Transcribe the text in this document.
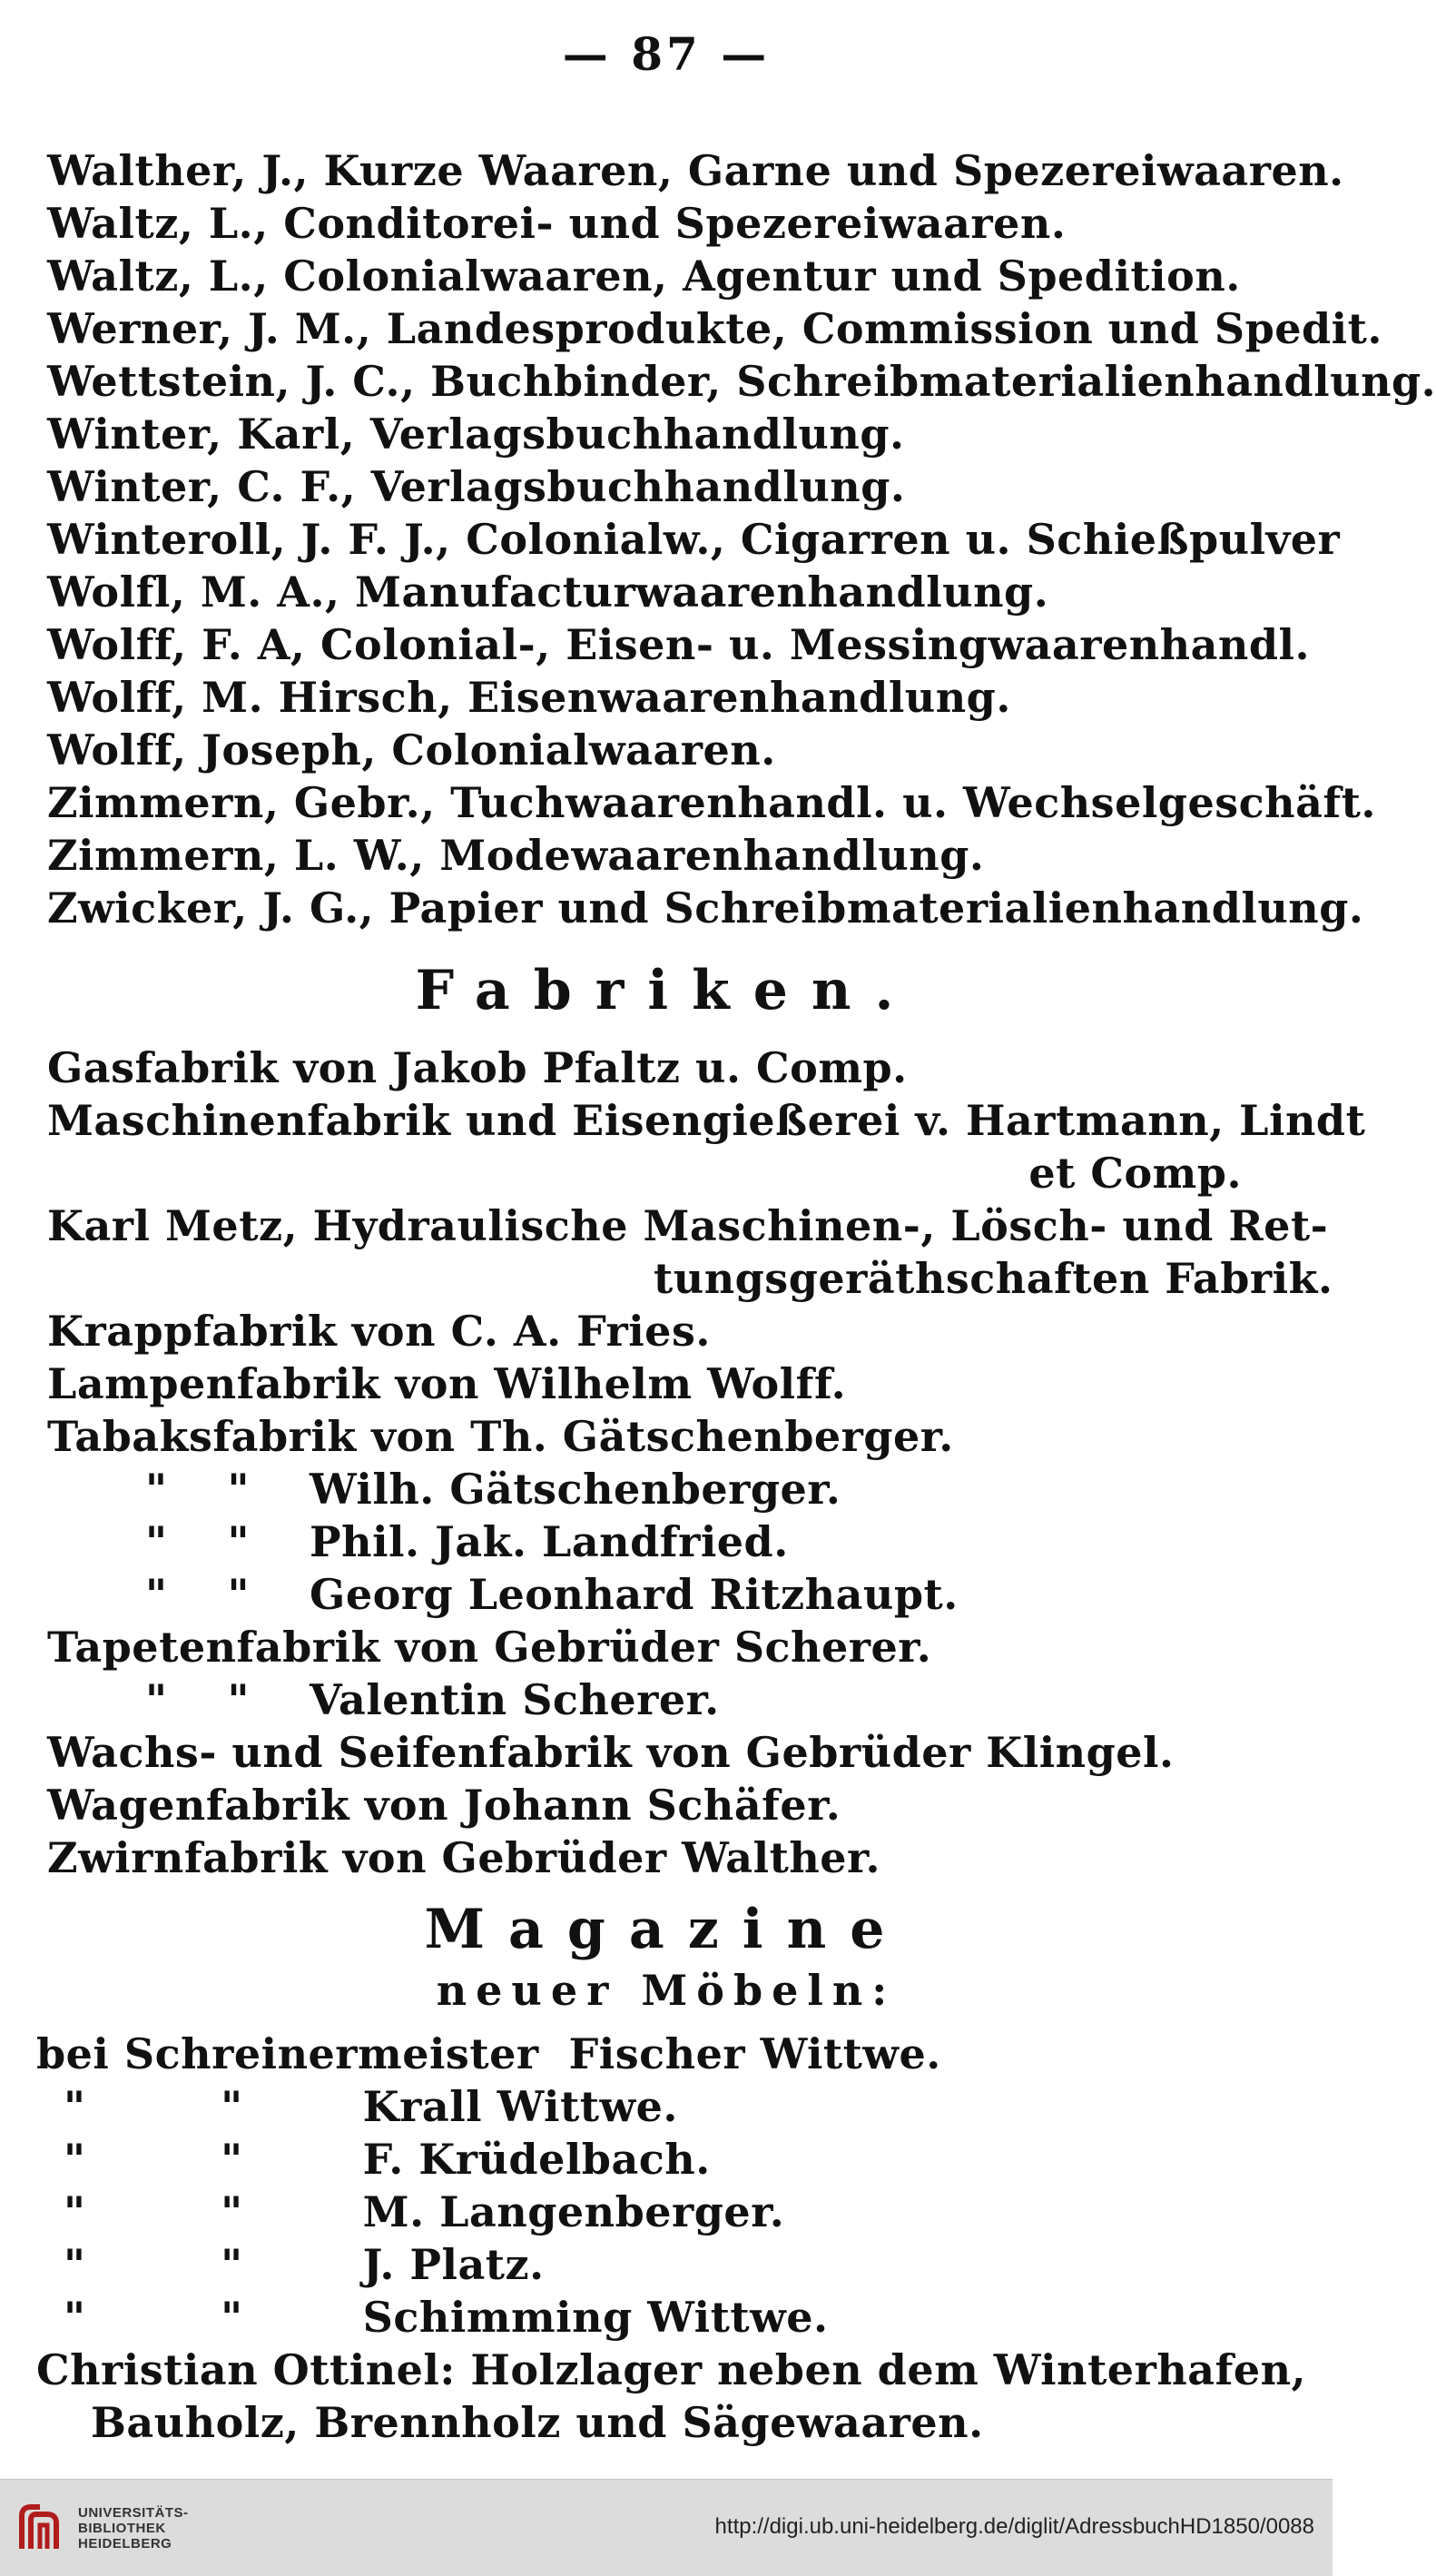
— 87 —
Walther, J., Kurze Waaren, Garne und Spezereiwaaren.
Waltz, L., Conditorei- und Spezereiwaaren.
Waltz, L., Colonialwaaren, Agentur und Spedition.
Werner, J. M., Landesprodukte, Commission und Spedit.
Wettstein, J. C., Buchbinder, Schreibmaterialienhandlung.
Winter, Karl, Verlagsbuchhandlung.
Winter, C. F., Verlagsbuchhandlung.
Winteroll, J. F. J., Colonialw., Cigarren u. Schießpulver
Wolfl, M. A., Manufacturwaarenhandlung.
Wolff, F. A, Colonial-, Eisen- u. Messingwaarenhandl.
Wolff, M. Hirsch, Eisenwaarenhandlung.
Wolff, Joseph, Colonialwaaren.
Zimmern, Gebr., Tuchwaarenhandl. u. Wechselgeschäft.
Zimmern, L. W., Modewaarenhandlung.
Zwicker, J. G., Papier und Schreibmaterialienhandlung.
Fabriken.
Gasfabrik von Jakob Pfaltz u. Comp.
Maschinenfabrik und Eisengießerei v. Hartmann, Lindt
et Comp.
Karl Metz, Hydraulische Maschinen-, Lösch- und Ret-
tungsgeräthschaften Fabrik.
Krappfabrik von C. A. Fries.
Lampenfabrik von Wilhelm Wolff.
Tabaksfabrik von Th. Gätschenberger.
"    "    Wilh. Gätschenberger.
"    "    Phil. Jak. Landfried.
"    "    Georg Leonhard Ritzhaupt.
Tapetenfabrik von Gebrüder Scherer.
"    "    Valentin Scherer.
Wachs- und Seifenfabrik von Gebrüder Klingel.
Wagenfabrik von Johann Schäfer.
Zwirnfabrik von Gebrüder Walther.
Magazine
neuer Möbeln:
bei Schreinermeister  Fischer Wittwe.
"         "        Krall Wittwe.
"         "        F. Krüdelbach.
"         "        M. Langenberger.
"         "        J. Platz.
"         "        Schimming Wittwe.
Christian Ottinel: Holzlager neben dem Winterhafen,
Bauholz, Brennholz und Sägewaaren.
UNIVERSITÄTS-
BIBLIOTHEK
HEIDELBERG
http://digi.ub.uni-heidelberg.de/diglit/AdressbuchHD1850/0088
